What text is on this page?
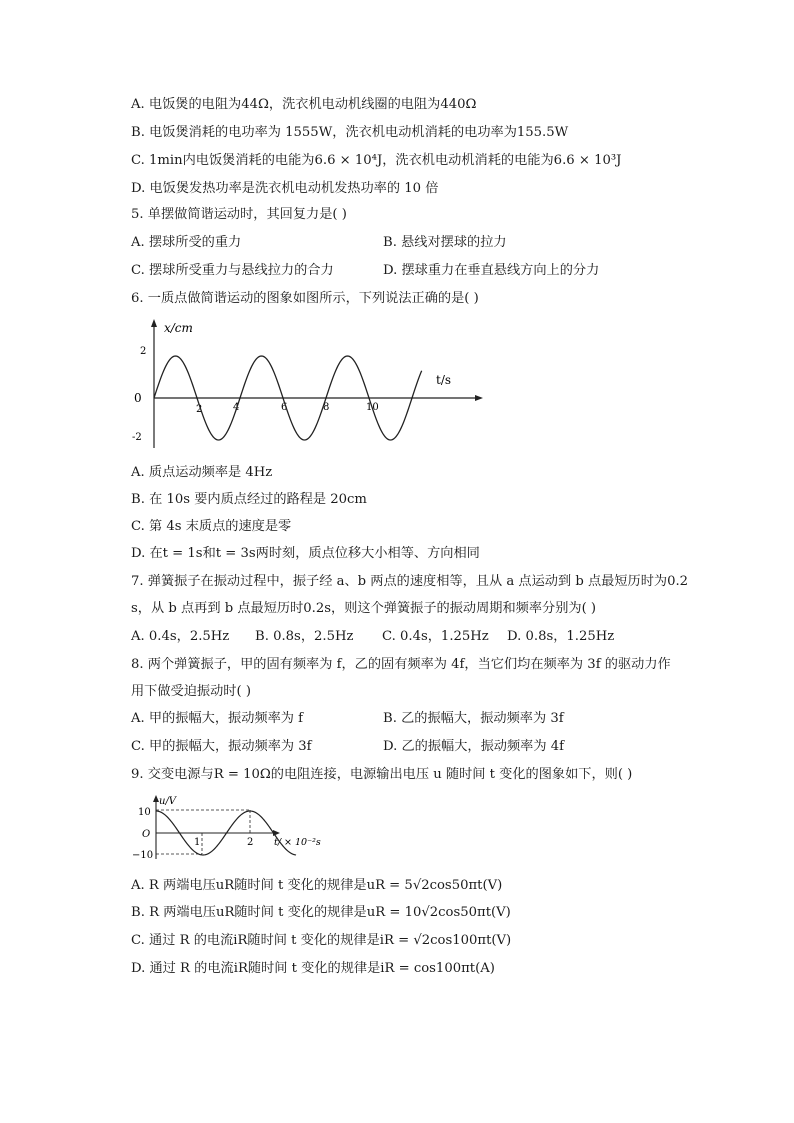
A. 电饭煲的电阻为44Ω，洗衣机电动机线圈的电阻为440Ω
B. 电饭煲消耗的电功率为 1555W，洗衣机电动机消耗的电功率为155.5W
C. 1min内电饭煲消耗的电能为6.6 × 10⁴J，洗衣机电动机消耗的电能为6.6 × 10³J
D. 电饭煲发热功率是洗衣机电动机发热功率的 10 倍
5. 单摆做简谐运动时，其回复力是( )
A. 摆球所受的重力	B. 悬线对摆球的拉力
C. 摆球所受重力与悬线拉力的合力	D. 摆球重力在垂直悬线方向上的分力
6. 一质点做简谐运动的图象如图所示，下列说法正确的是( )
x/cm
t/s
2
0
-2
2	4	6	8	10
A. 质点运动频率是 4Hz
B. 在 10s 要内质点经过的路程是 20cm
C. 第 4s 末质点的速度是零
D. 在t = 1s和t = 3s两时刻，质点位移大小相等、方向相同
7. 弹簧振子在振动过程中，振子经 a、b 两点的速度相等，且从 a 点运动到 b 点最短历时为0.2
s，从 b 点再到 b 点最短历时0.2s，则这个弹簧振子的振动周期和频率分别为( )
A. 0.4s，2.5Hz B. 0.8s，2.5Hz C. 0.4s，1.25Hz D. 0.8s，1.25Hz
8. 两个弹簧振子，甲的固有频率为 f，乙的固有频率为 4f，当它们均在频率为 3f 的驱动力作
用下做受迫振动时( )
A. 甲的振幅大，振动频率为 f	B. 乙的振幅大，振动频率为 3f
C. 甲的振幅大，振动频率为 3f	D. 乙的振幅大，振动频率为 4f
9. 交变电源与R = 10Ω的电阻连接，电源输出电压 u 随时间 t 变化的图象如下，则( )
u/V
t/ × 10⁻²s
10
O
−10
1	2
A. R 两端电压uR随时间 t 变化的规律是uR = 5√2cos50πt(V)
B. R 两端电压uR随时间 t 变化的规律是uR = 10√2cos50πt(V)
C. 通过 R 的电流iR随时间 t 变化的规律是iR = √2cos100πt(V)
D. 通过 R 的电流iR随时间 t 变化的规律是iR = cos100πt(A)
